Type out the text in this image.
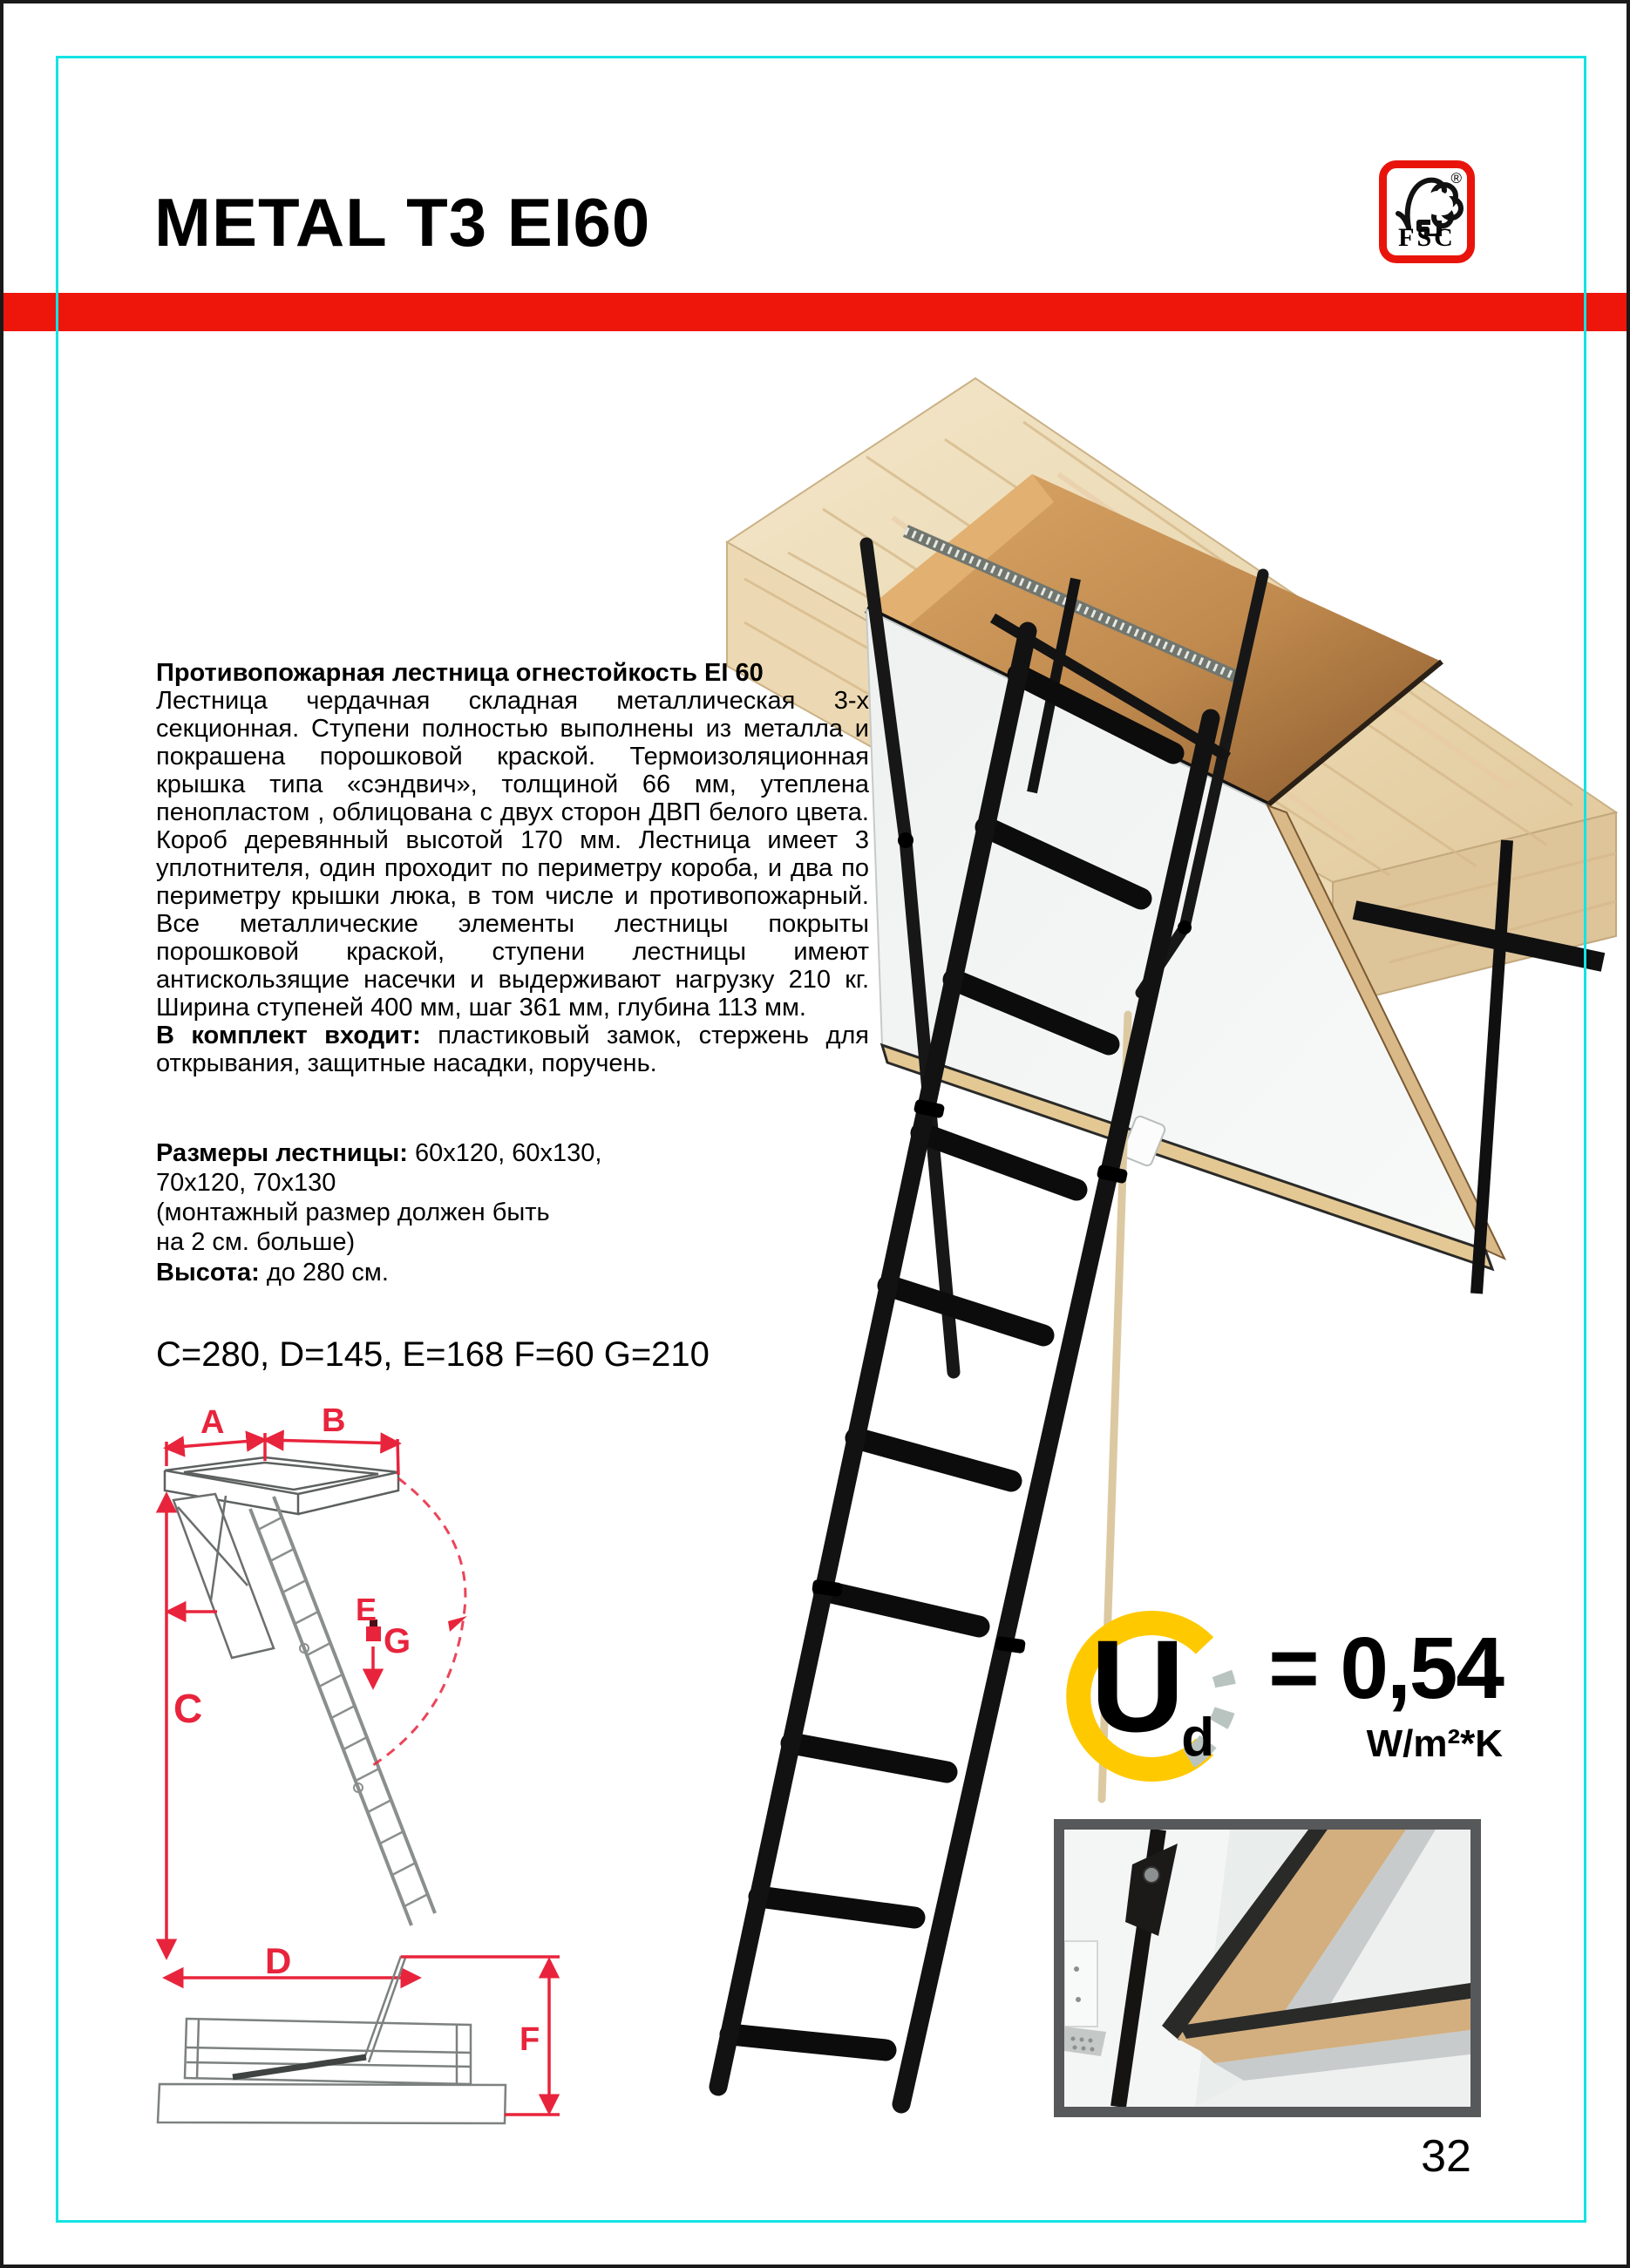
METAL T3 EI60
®
FSC
Противопожарная лестница огнестойкость EI 60

Лестница чердачная складная металлическая 3-х секционная. Ступени полностью выполнены из металла и покрашена порошковой краской. Термоизоляционная крышка типа «сэндвич», толщиной 66 мм, утеплена пенопластом , облицована с двух сторон ДВП белого цвета. Короб деревянный высотой 170 мм. Лестница имеет 3 уплотнителя, один проходит по периметру короба, и два по периметру крышки люка, в том числе и противопожарный. Все металлические элементы лестницы покрыты порошковой краской, ступени лестницы имеют антискользящие насечки и выдерживают нагрузку 210 кг. Ширина ступеней 400 мм, шаг 361 мм, глубина 113 мм.

В комплект входит: пластиковый замок, стержень для открывания, защитные насадки, поручень.

Размеры лестницы: 60x120, 60x130,
70x120, 70x130
(монтажный размер должен быть на 2 см. больше)
Высота: до 280 см.
C=280, D=145, E=168 F=60 G=210
A	B
C
D
E
G
F
$U_d$
= 0,54
W/m²*K
32
